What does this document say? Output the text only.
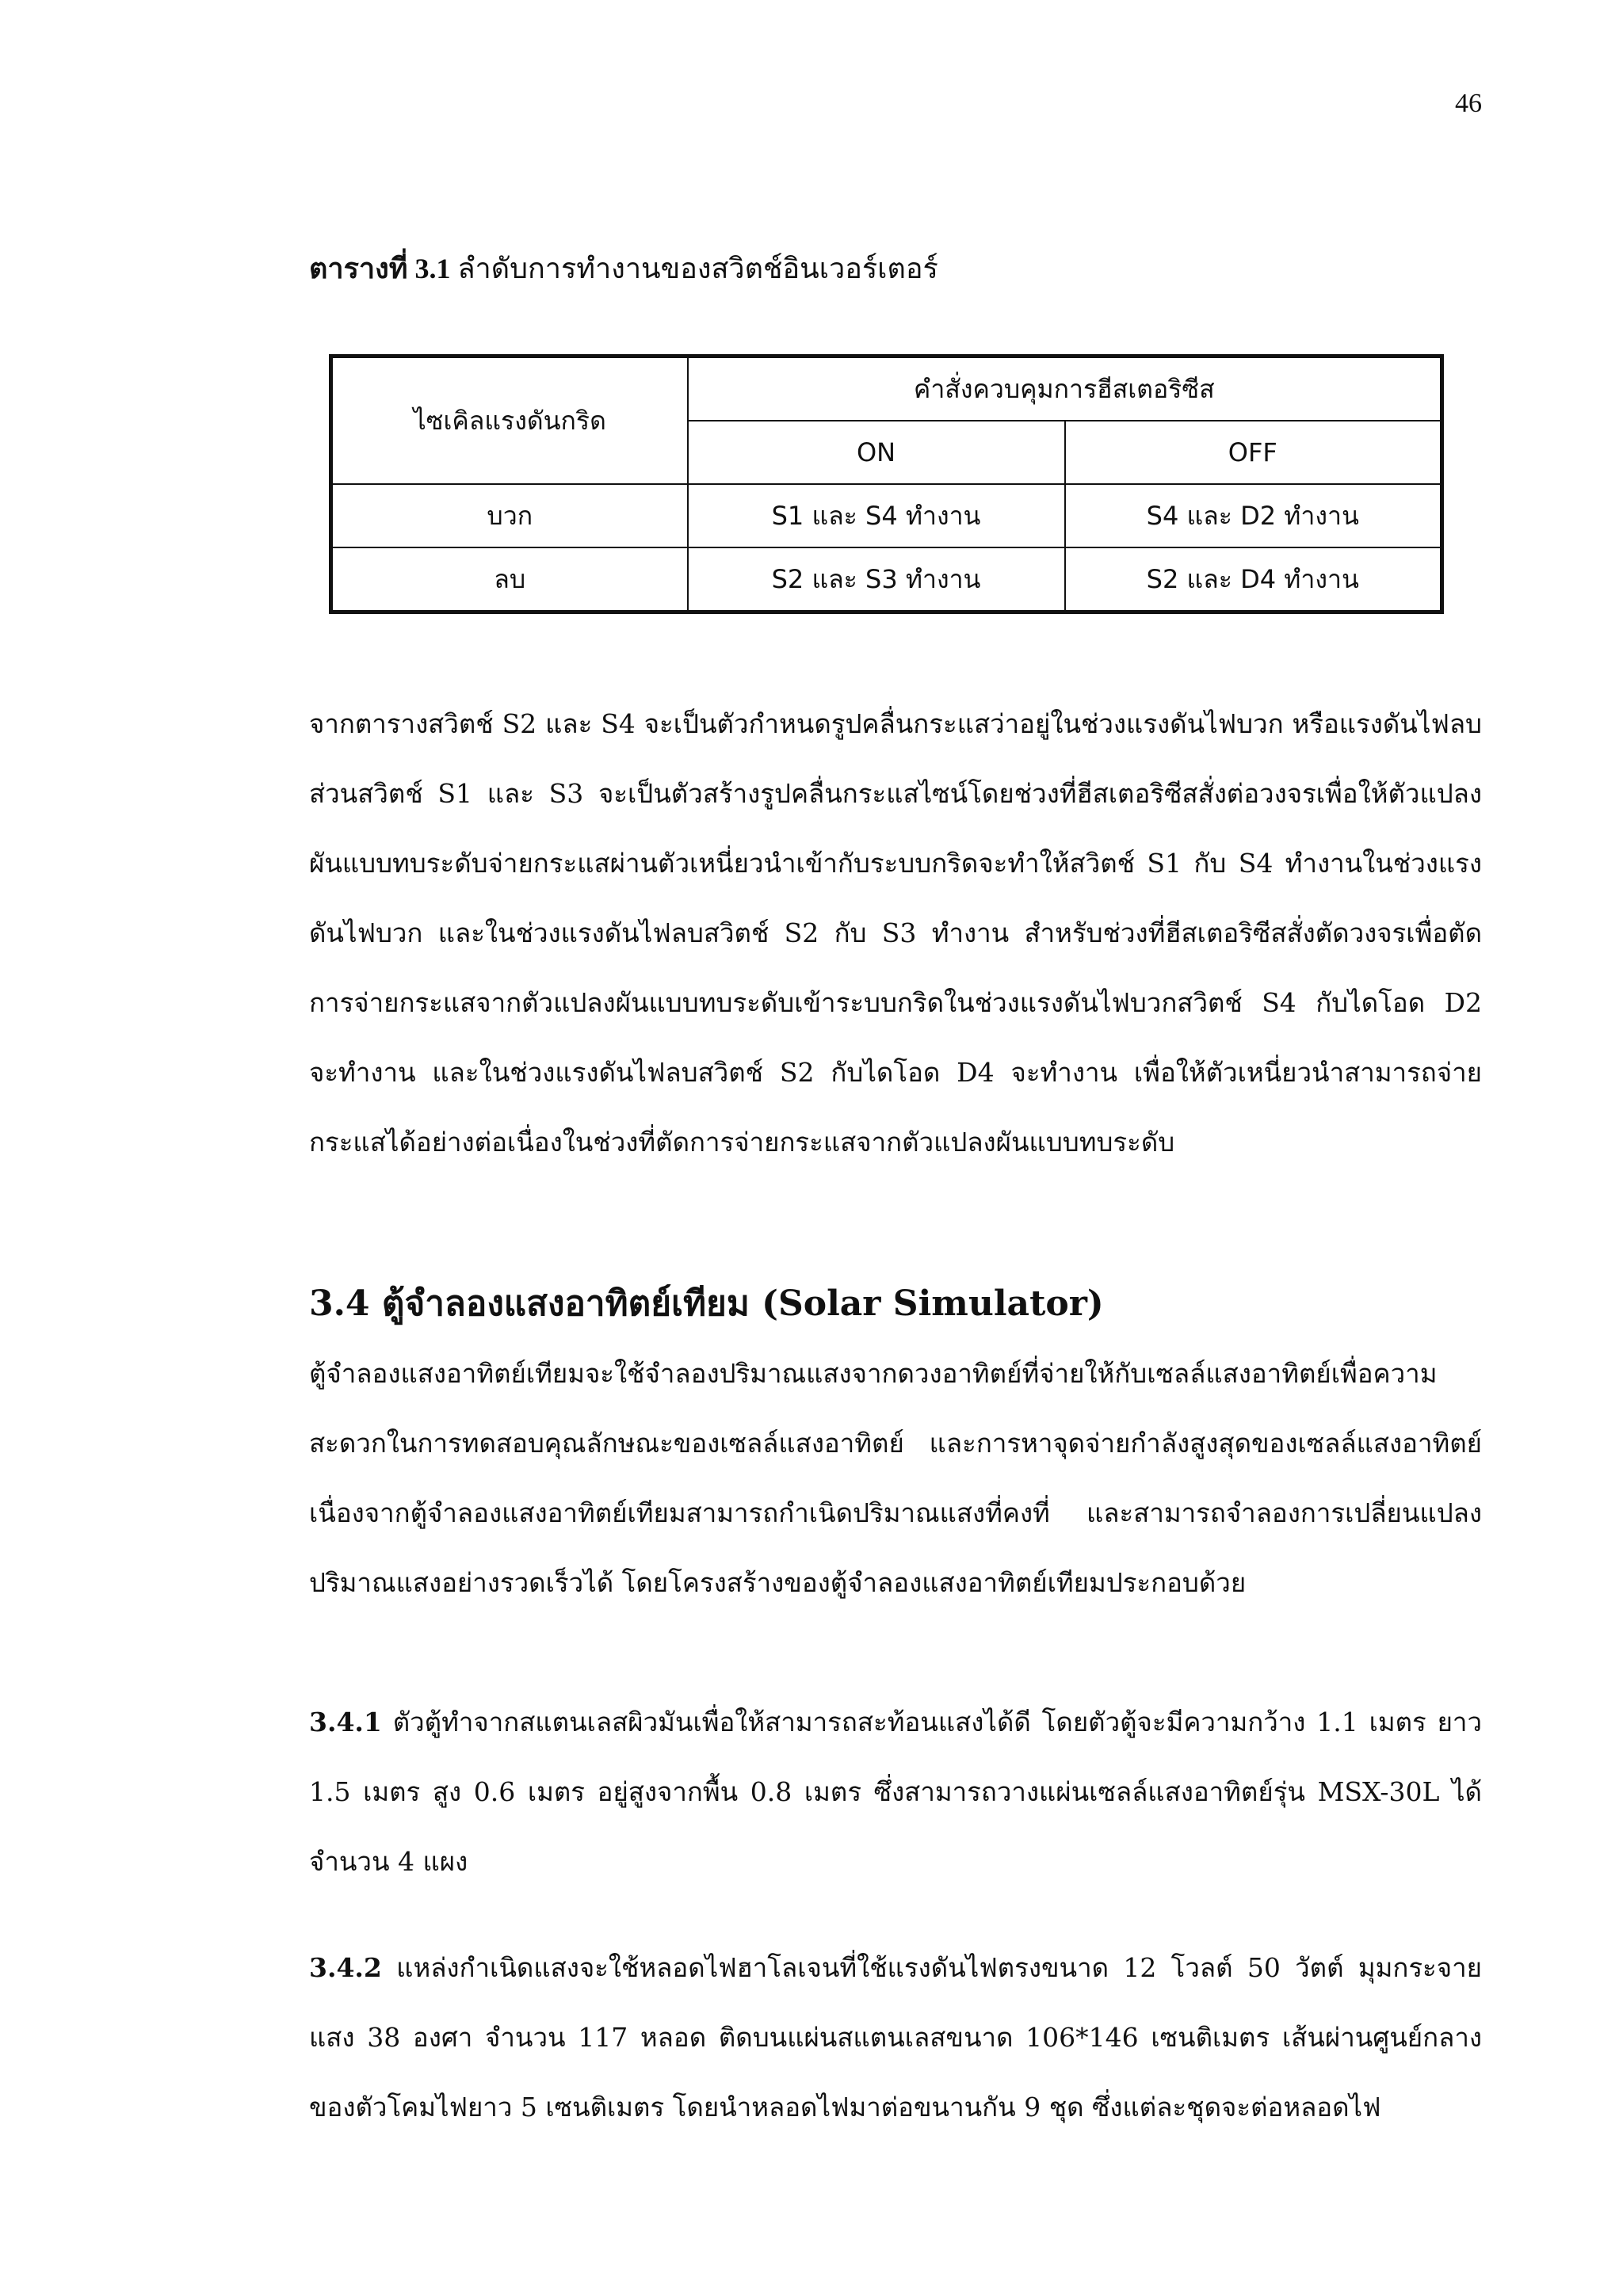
46
ตารางที่ 3.1 ลำดับการทำงานของสวิตช์อินเวอร์เตอร์
ไซเคิลแรงดันกริด	คำสั่งควบคุมการฮีสเตอริซีส	
	ON	OFF
บวก	S1 และ S4 ทำงาน	S4 และ D2 ทำงาน
ลบ	S2 และ S3 ทำงาน	S2 และ D4 ทำงาน

จากตารางสวิตช์ S2 และ S4 จะเป็นตัวกำหนดรูปคลื่นกระแสว่าอยู่ในช่วงแรงดันไฟบวก หรือแรงดันไฟลบ ส่วนสวิตช์ S1 และ S3 จะเป็นตัวสร้างรูปคลื่นกระแสไซน์โดยช่วงที่ฮีสเตอริซีสสั่งต่อวงจรเพื่อให้ตัวแปลงผันแบบทบระดับจ่ายกระแสผ่านตัวเหนี่ยวนำเข้ากับระบบกริดจะทำให้สวิตช์ S1 กับ S4 ทำงานในช่วงแรงดันไฟบวก และในช่วงแรงดันไฟลบสวิตช์ S2 กับ S3 ทำงาน สำหรับช่วงที่ฮีสเตอริซีสสั่งตัดวงจรเพื่อตัดการจ่ายกระแสจากตัวแปลงผันแบบทบระดับเข้าระบบกริดในช่วงแรงดันไฟบวกสวิตช์ S4 กับไดโอด D2 จะทำงาน และในช่วงแรงดันไฟลบสวิตช์ S2 กับไดโอด D4 จะทำงาน เพื่อให้ตัวเหนี่ยวนำสามารถจ่ายกระแสได้อย่างต่อเนื่องในช่วงที่ตัดการจ่ายกระแสจากตัวแปลงผันแบบทบระดับ

3.4 ตู้จำลองแสงอาทิตย์เทียม (Solar Simulator)

ตู้จำลองแสงอาทิตย์เทียมจะใช้จำลองปริมาณแสงจากดวงอาทิตย์ที่จ่ายให้กับเซลล์แสงอาทิตย์เพื่อความสะดวกในการทดสอบคุณลักษณะของเซลล์แสงอาทิตย์ และการหาจุดจ่ายกำลังสูงสุดของเซลล์แสงอาทิตย์ เนื่องจากตู้จำลองแสงอาทิตย์เทียมสามารถกำเนิดปริมาณแสงที่คงที่ และสามารถจำลองการเปลี่ยนแปลงปริมาณแสงอย่างรวดเร็วได้ โดยโครงสร้างของตู้จำลองแสงอาทิตย์เทียมประกอบด้วย

3.4.1 ตัวตู้ทำจากสแตนเลสผิวมันเพื่อให้สามารถสะท้อนแสงได้ดี โดยตัวตู้จะมีความกว้าง 1.1 เมตร ยาว 1.5 เมตร สูง 0.6 เมตร อยู่สูงจากพื้น 0.8 เมตร ซึ่งสามารถวางแผ่นเซลล์แสงอาทิตย์รุ่น MSX-30L ได้จำนวน 4 แผง

3.4.2 แหล่งกำเนิดแสงจะใช้หลอดไฟฮาโลเจนที่ใช้แรงดันไฟตรงขนาด 12 โวลต์ 50 วัตต์ มุมกระจายแสง 38 องศา จำนวน 117 หลอด ติดบนแผ่นสแตนเลสขนาด 106*146 เซนติเมตร เส้นผ่านศูนย์กลางของตัวโคมไฟยาว 5 เซนติเมตร โดยนำหลอดไฟมาต่อขนานกัน 9 ชุด ซึ่งแต่ละชุดจะต่อหลอดไฟ
